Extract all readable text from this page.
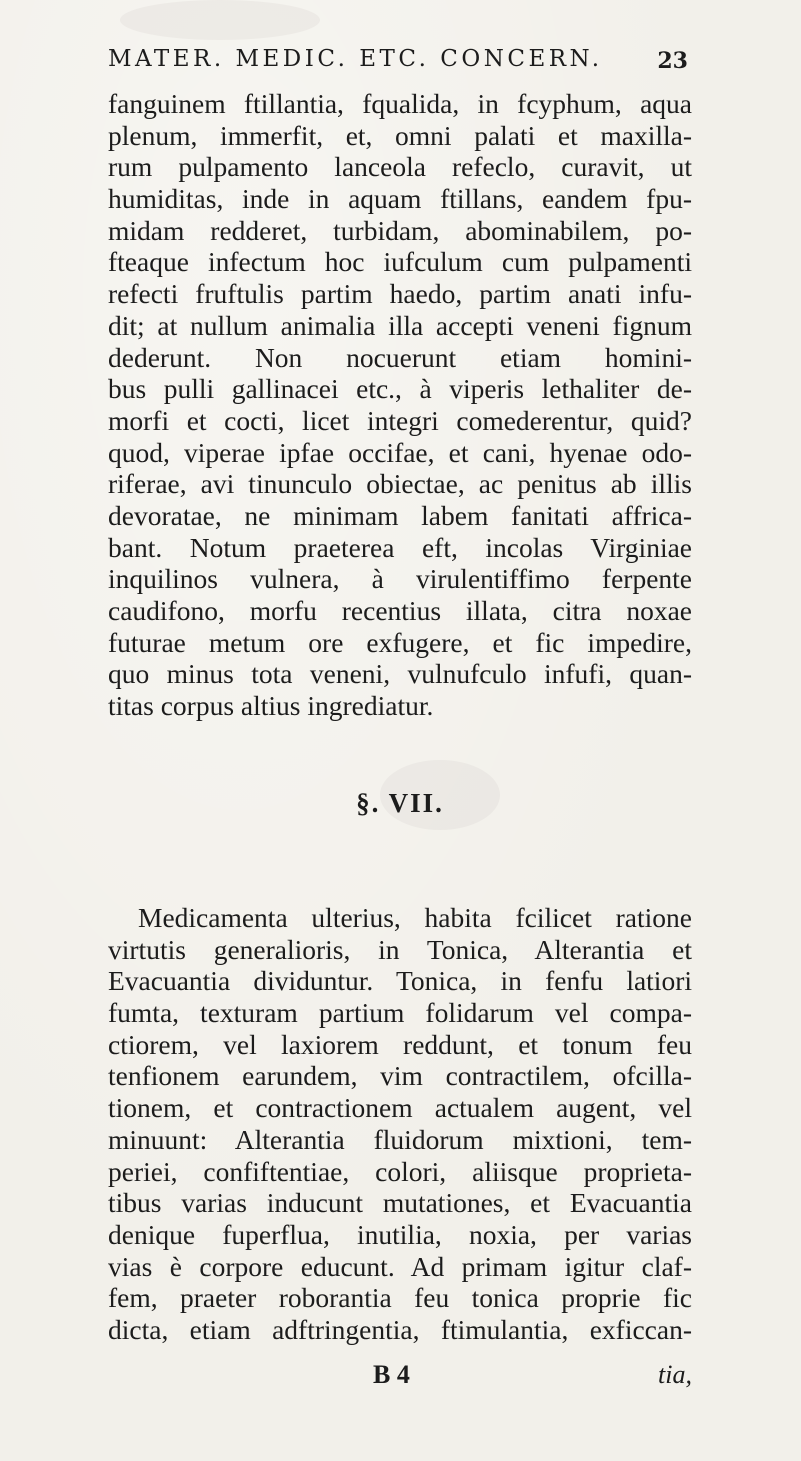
MATER. MEDIC. ETC. CONCERN. 23
fanguinem ftillantia, fqualida, in fcyphum, aqua
plenum, immerfit, et, omni palati et maxilla-
rum pulpamento lanceola refeclo, curavit, ut
humiditas, inde in aquam ftillans, eandem fpu-
midam redderet, turbidam, abominabilem, po-
fteaque infectum hoc iufculum cum pulpamenti
refecti fruftulis partim haedo, partim anati infu-
dit; at nullum animalia illa accepti veneni fignum
dederunt. Non nocuerunt etiam homini-
bus pulli gallinacei etc., à viperis lethaliter de-
morfi et cocti, licet integri comederentur, quid?
quod, viperae ipfae occifae, et cani, hyenae odo-
riferae, avi tinunculo obiectae, ac penitus ab illis
devoratae, ne minimam labem fanitati affrica-
bant. Notum praeterea eft, incolas Virginiae
inquilinos vulnera, à virulentiffimo ferpente
caudifono, morfu recentius illata, citra noxae
futurae metum ore exfugere, et fic impedire,
quo minus tota veneni, vulnufculo infufi, quan-
titas corpus altius ingrediatur.
§. VII.
Medicamenta ulterius, habita fcilicet ratione
virtutis generalioris, in Tonica, Alterantia et
Evacuantia dividuntur. Tonica, in fenfu latiori
fumta, texturam partium folidarum vel compa-
ctiorem, vel laxiorem reddunt, et tonum feu
tenfionem earundem, vim contractilem, ofcilla-
tionem, et contractionem actualem augent, vel
minuunt: Alterantia fluidorum mixtioni, tem-
periei, confiftentiae, colori, aliisque proprieta-
tibus varias inducunt mutationes, et Evacuantia
denique fuperflua, inutilia, noxia, per varias
vias è corpore educunt. Ad primam igitur claf-
fem, praeter roborantia feu tonica proprie fic
dicta, etiam adftringentia, ftimulantia, exficcan-
B 4	tia,
